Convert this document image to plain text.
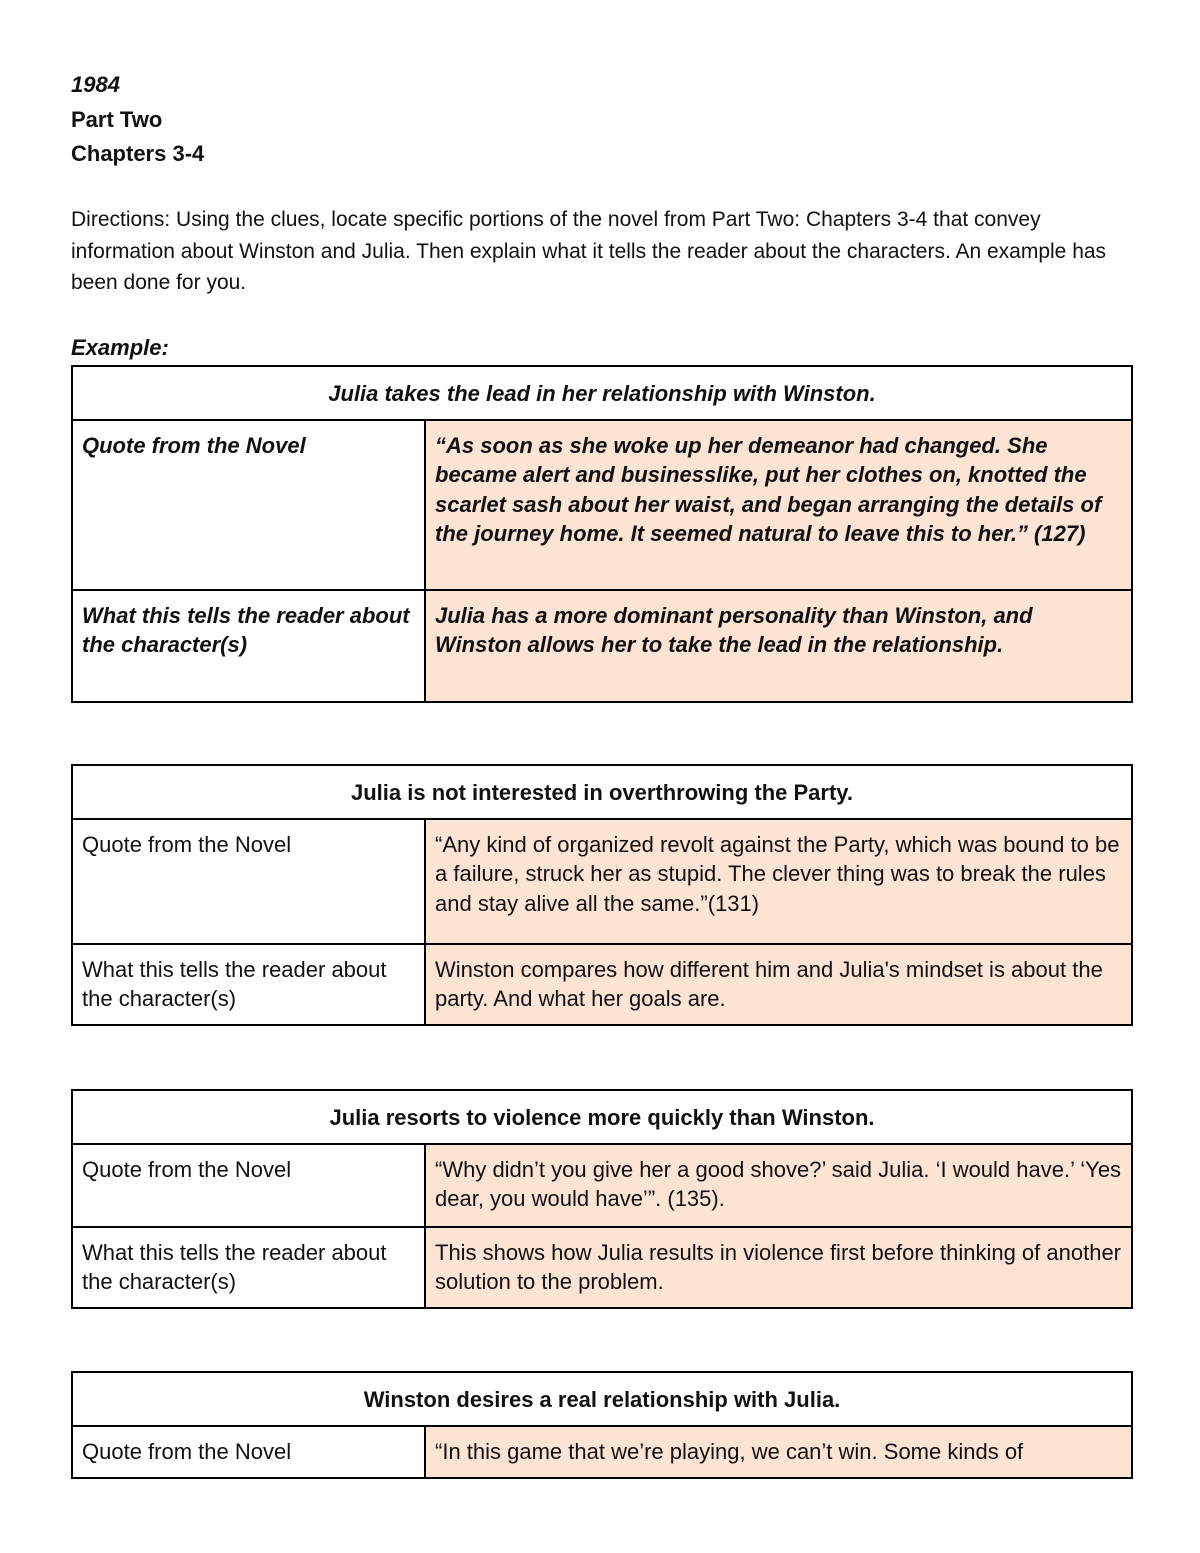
1984
Part Two
Chapters 3-4
Directions: Using the clues, locate specific portions of the novel from Part Two: Chapters 3-4 that convey information about Winston and Julia. Then explain what it tells the reader about the characters. An example has been done for you.
Example:
Julia takes the lead in her relationship with Winston.	
Quote from the Novel	“As soon as she woke up her demeanor had changed. She became alert and businesslike, put her clothes on, knotted the scarlet sash about her waist, and began arranging the details of the journey home. It seemed natural to leave this to her.” (127)
What this tells the reader about the character(s)	Julia has a more dominant personality than Winston, and Winston allows her to take the lead in the relationship.
Julia is not interested in overthrowing the Party.	
Quote from the Novel	“Any kind of organized revolt against the Party, which was bound to be a failure, struck her as stupid. The clever thing was to break the rules and stay alive all the same.”(131)
What this tells the reader about the character(s)	Winston compares how different him and Julia's mindset is about the party. And what her goals are.
Julia resorts to violence more quickly than Winston.	
Quote from the Novel	“Why didn’t you give her a good shove?’ said Julia. ‘I would have.’ ‘Yes dear, you would have’”. (135).
What this tells the reader about the character(s)	This shows how Julia results in violence first before thinking of another solution to the problem.
Winston desires a real relationship with Julia.
Quote from the Novel	“In this game that we’re playing, we can’t win. Some kinds of
